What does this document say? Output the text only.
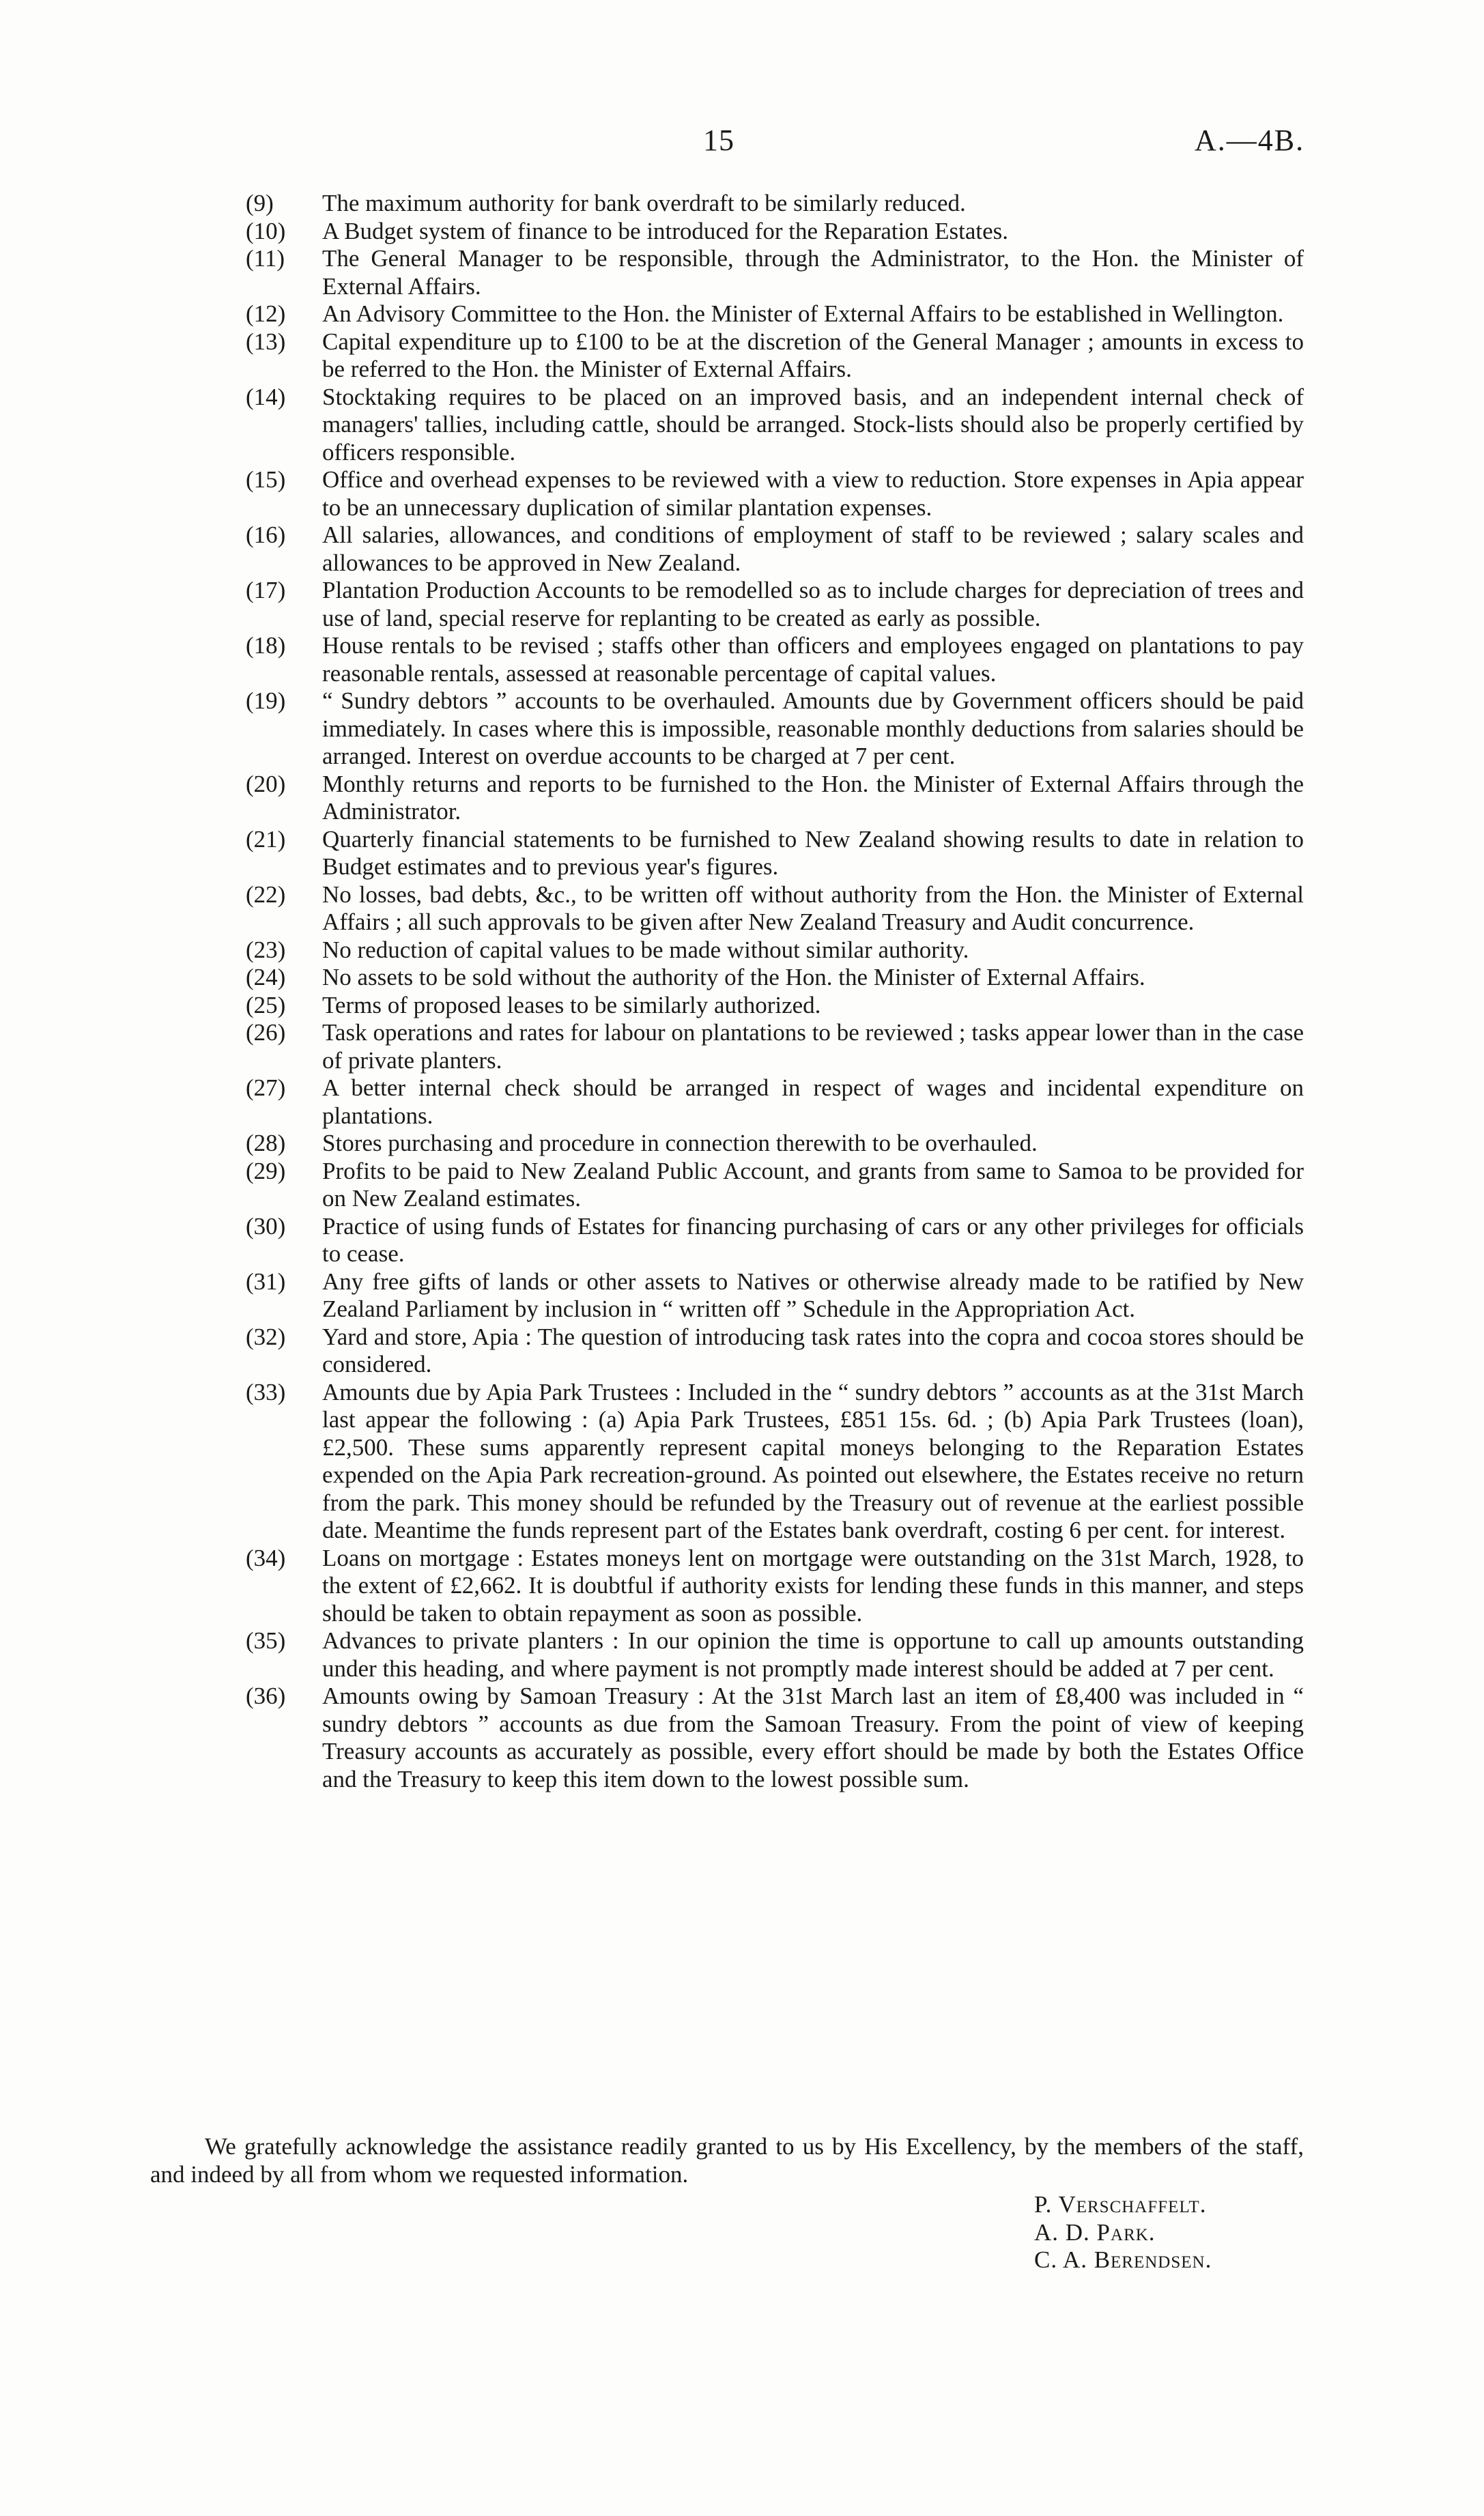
15	A.—4B.
(9) The maximum authority for bank overdraft to be similarly reduced.
(10) A Budget system of finance to be introduced for the Reparation Estates.
(11) The General Manager to be responsible, through the Administrator, to the Hon. the Minister of External Affairs.
(12) An Advisory Committee to the Hon. the Minister of External Affairs to be established in Wellington.
(13) Capital expenditure up to £100 to be at the discretion of the General Manager ; amounts in excess to be referred to the Hon. the Minister of External Affairs.
(14) Stocktaking requires to be placed on an improved basis, and an independent internal check of managers' tallies, including cattle, should be arranged. Stock-lists should also be properly certified by officers responsible.
(15) Office and overhead expenses to be reviewed with a view to reduction. Store expenses in Apia appear to be an unnecessary duplication of similar plantation expenses.
(16) All salaries, allowances, and conditions of employment of staff to be reviewed ; salary scales and allowances to be approved in New Zealand.
(17) Plantation Production Accounts to be remodelled so as to include charges for depreciation of trees and use of land, special reserve for replanting to be created as early as possible.
(18) House rentals to be revised ; staffs other than officers and employees engaged on plantations to pay reasonable rentals, assessed at reasonable percentage of capital values.
(19) “ Sundry debtors ” accounts to be overhauled. Amounts due by Government officers should be paid immediately. In cases where this is impossible, reasonable monthly deductions from salaries should be arranged. Interest on overdue accounts to be charged at 7 per cent.
(20) Monthly returns and reports to be furnished to the Hon. the Minister of External Affairs through the Administrator.
(21) Quarterly financial statements to be furnished to New Zealand showing results to date in relation to Budget estimates and to previous year's figures.
(22) No losses, bad debts, &c., to be written off without authority from the Hon. the Minister of External Affairs ; all such approvals to be given after New Zealand Treasury and Audit concurrence.
(23) No reduction of capital values to be made without similar authority.
(24) No assets to be sold without the authority of the Hon. the Minister of External Affairs.
(25) Terms of proposed leases to be similarly authorized.
(26) Task operations and rates for labour on plantations to be reviewed ; tasks appear lower than in the case of private planters.
(27) A better internal check should be arranged in respect of wages and incidental expenditure on plantations.
(28) Stores purchasing and procedure in connection therewith to be overhauled.
(29) Profits to be paid to New Zealand Public Account, and grants from same to Samoa to be provided for on New Zealand estimates.
(30) Practice of using funds of Estates for financing purchasing of cars or any other privileges for officials to cease.
(31) Any free gifts of lands or other assets to Natives or otherwise already made to be ratified by New Zealand Parliament by inclusion in “ written off ” Schedule in the Appropriation Act.
(32) Yard and store, Apia : The question of introducing task rates into the copra and cocoa stores should be considered.
(33) Amounts due by Apia Park Trustees : Included in the “ sundry debtors ” accounts as at the 31st March last appear the following : (a) Apia Park Trustees, £851 15s. 6d. ; (b) Apia Park Trustees (loan), £2,500. These sums apparently represent capital moneys belonging to the Reparation Estates expended on the Apia Park recreation-ground. As pointed out elsewhere, the Estates receive no return from the park. This money should be refunded by the Treasury out of revenue at the earliest possible date. Meantime the funds represent part of the Estates bank overdraft, costing 6 per cent. for interest.
(34) Loans on mortgage : Estates moneys lent on mortgage were outstanding on the 31st March, 1928, to the extent of £2,662. It is doubtful if authority exists for lending these funds in this manner, and steps should be taken to obtain repayment as soon as possible.
(35) Advances to private planters : In our opinion the time is opportune to call up amounts outstanding under this heading, and where payment is not promptly made interest should be added at 7 per cent.
(36) Amounts owing by Samoan Treasury : At the 31st March last an item of £8,400 was included in “ sundry debtors ” accounts as due from the Samoan Treasury. From the point of view of keeping Treasury accounts as accurately as possible, every effort should be made by both the Estates Office and the Treasury to keep this item down to the lowest possible sum.

We gratefully acknowledge the assistance readily granted to us by His Excellency, by the members of the staff, and indeed by all from whom we requested information.

P. Verschaffelt.
A. D. Park.
C. A. Berendsen.
